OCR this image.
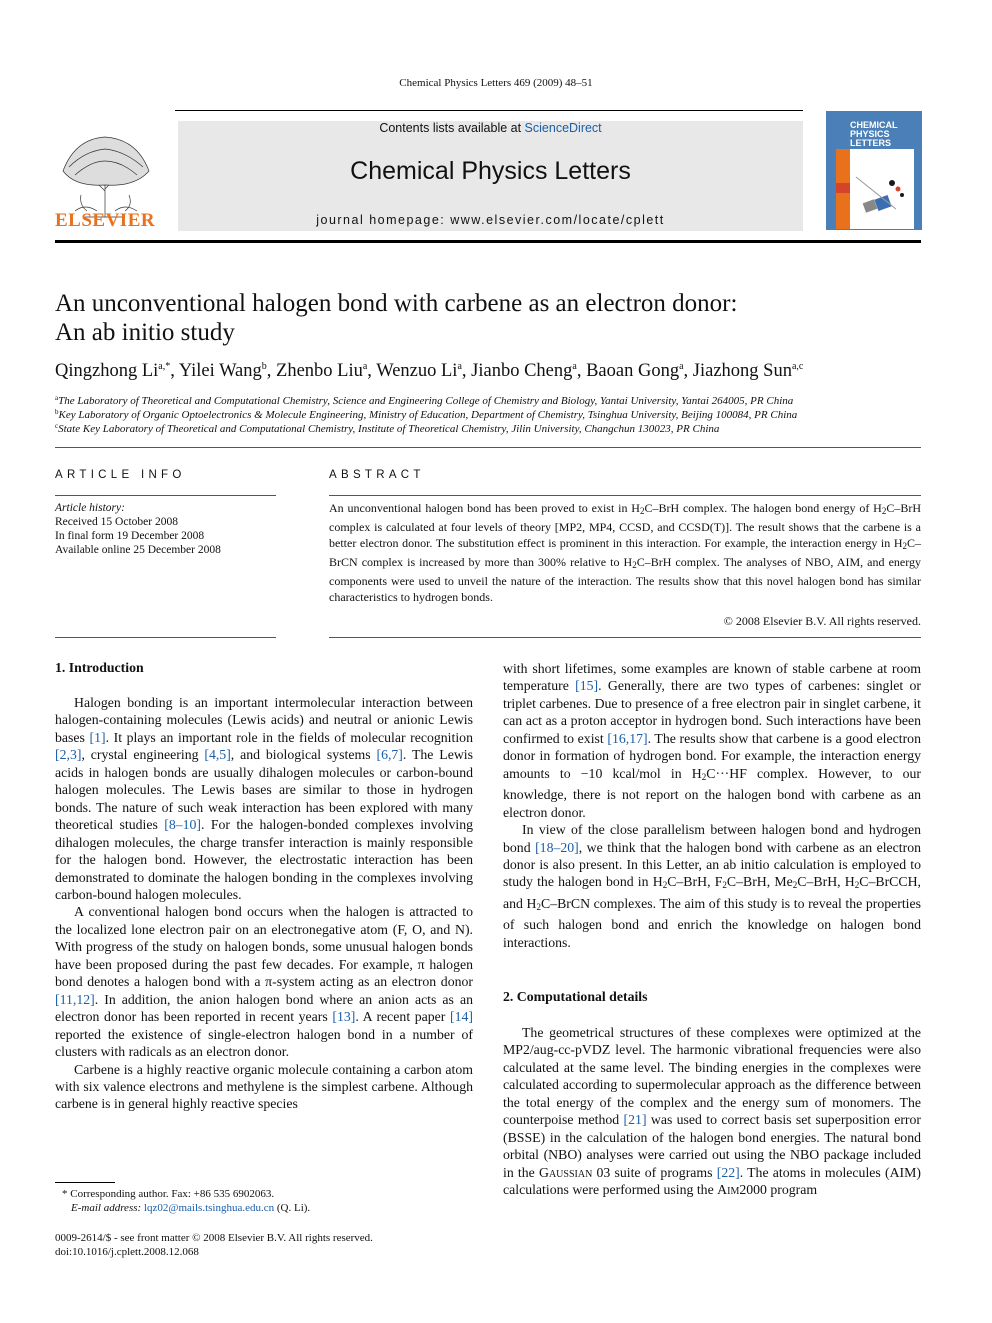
Chemical Physics Letters 469 (2009) 48–51
ELSEVIER
Contents lists available at ScienceDirect
Chemical Physics Letters
journal homepage: www.elsevier.com/locate/cplett
CHEMICAL
PHYSICS
LETTERS
An unconventional halogen bond with carbene as an electron donor:
An ab initio study
Qingzhong $Li^{a,*}$, Yilei Wang$^b$, Zhenbo Liu$^a$, Wenzuo Li$^a$, Jianbo Cheng$^a$, Baoan Gong$^a$, Jiazhong Sun$^{a,c}$
$^a$The Laboratory of Theoretical and Computational Chemistry, Science and Engineering College of Chemistry and Biology, Yantai University, Yantai 264005, PR China
$^b$Key Laboratory of Organic Optoelectronics & Molecule Engineering, Ministry of Education, Department of Chemistry, Tsinghua University, Beijing 100084, PR China
$^c$State Key Laboratory of Theoretical and Computational Chemistry, Institute of Theoretical Chemistry, Jilin University, Changchun 130023, PR China
ARTICLE INFO
Article history:
Received 15 October 2008
In final form 19 December 2008
Available online 25 December 2008
ABSTRACT
An unconventional halogen bond has been proved to exist in $H_2C$–BrH complex. The halogen bond energy of $H_2C$–BrH complex is calculated at four levels of theory [MP2, MP4, CCSD, and CCSD(T)]. The result shows that the carbene is a better electron donor. The substitution effect is prominent in this interaction. For example, the interaction energy in $H_2C$–BrCN complex is increased by more than 300% relative to $H_2C$–BrH complex. The analyses of NBO, AIM, and energy components were used to unveil the nature of the interaction. The results show that this novel halogen bond has similar characteristics to hydrogen bonds.
© 2008 Elsevier B.V. All rights reserved.
1. Introduction

Halogen bonding is an important intermolecular interaction between halogen-containing molecules (Lewis acids) and neutral or anionic Lewis bases [1]. It plays an important role in the fields of molecular recognition [2,3], crystal engineering [4,5], and biological systems [6,7]. The Lewis acids in halogen bonds are usually dihalogen molecules or carbon-bound halogen molecules. The Lewis bases are similar to those in hydrogen bonds. The nature of such weak interaction has been explored with many theoretical studies [8–10]. For the halogen-bonded complexes involving dihalogen molecules, the charge transfer interaction is mainly responsible for the halogen bond. However, the electrostatic interaction has been demonstrated to dominate the halogen bonding in the complexes involving carbon-bound halogen molecules.

A conventional halogen bond occurs when the halogen is attracted to the localized lone electron pair on an electronegative atom (F, O, and N). With progress of the study on halogen bonds, some unusual halogen bonds have been proposed during the past few decades. For example, π halogen bond denotes a halogen bond with a π-system acting as an electron donor [11,12]. In addition, the anion halogen bond where an anion acts as an electron donor has been reported in recent years [13]. A recent paper [14] reported the existence of single-electron halogen bond in a number of clusters with radicals as an electron donor.

Carbene is a highly reactive organic molecule containing a carbon atom with six valence electrons and methylene is the simplest carbene. Although carbene is in general highly reactive species

* Corresponding author. Fax: +86 535 6902063.
E-mail address: lqz02@mails.tsinghua.edu.cn (Q. Li).
0009-2614/$ - see front matter © 2008 Elsevier B.V. All rights reserved.
doi:10.1016/j.cplett.2008.12.068

with short lifetimes, some examples are known of stable carbene at room temperature [15]. Generally, there are two types of carbenes: singlet or triplet carbenes. Due to presence of a free electron pair in singlet carbene, it can act as a proton acceptor in hydrogen bond. Such interactions have been confirmed to exist [16,17]. The results show that carbene is a good electron donor in formation of hydrogen bond. For example, the interaction energy amounts to −10 kcal/mol in $H_2C\cdot\cdot\cdot HF$ complex. However, to our knowledge, there is not report on the halogen bond with carbene as an electron donor.

In view of the close parallelism between halogen bond and hydrogen bond [18–20], we think that the halogen bond with carbene as an electron donor is also present. In this Letter, an ab initio calculation is employed to study the halogen bond in $H_2C$–BrH, $F_2C$–BrH, $Me_2C$–BrH, $H_2C$–BrCCH, and $H_2C$–BrCN complexes. The aim of this study is to reveal the properties of such halogen bond and enrich the knowledge on halogen bond interactions.

2. Computational details

The geometrical structures of these complexes were optimized at the MP2/aug-cc-pVDZ level. The harmonic vibrational frequencies were also calculated at the same level. The binding energies in the complexes were calculated according to supermolecular approach as the difference between the total energy of the complex and the energy sum of monomers. The counterpoise method [21] was used to correct basis set superposition error (BSSE) in the calculation of the halogen bond energies. The natural bond orbital (NBO) analyses were carried out using the NBO package included in the Gaussian 03 suite of programs [22]. The atoms in molecules (AIM) calculations were performed using the Aim2000 program
